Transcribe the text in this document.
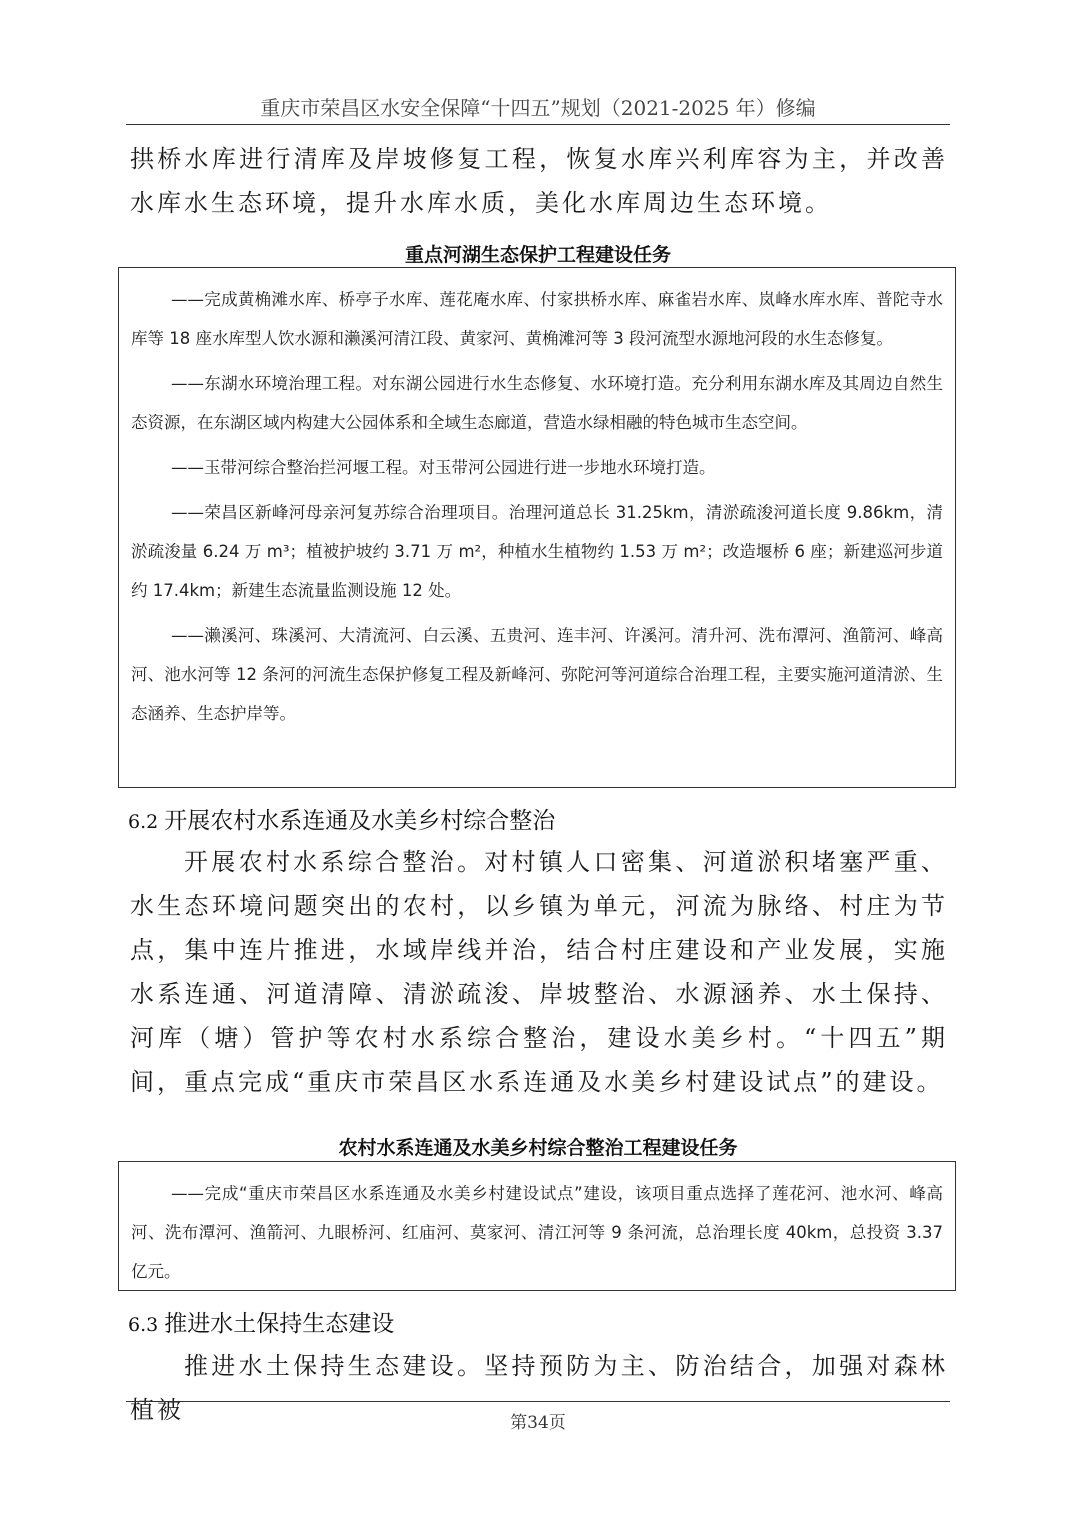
重庆市荣昌区水安全保障“十四五”规划（2021-2025 年）修编

拱桥水库进行清库及岸坡修复工程，恢复水库兴利库容为主，并改善水库水生态环境，提升水库水质，美化水库周边生态环境。

重点河湖生态保护工程建设任务

——完成黄桷滩水库、桥亭子水库、莲花庵水库、付家拱桥水库、麻雀岩水库、岚峰水库水库、普陀寺水库等 18 座水库型人饮水源和濑溪河清江段、黄家河、黄桷滩河等 3 段河流型水源地河段的水生态修复。

——东湖水环境治理工程。对东湖公园进行水生态修复、水环境打造。充分利用东湖水库及其周边自然生态资源，在东湖区域内构建大公园体系和全域生态廊道，营造水绿相融的特色城市生态空间。

——玉带河综合整治拦河堰工程。对玉带河公园进行进一步地水环境打造。

——荣昌区新峰河母亲河复苏综合治理项目。治理河道总长 31.25km，清淤疏浚河道长度 9.86km，清淤疏浚量 6.24 万 m³；植被护坡约 3.71 万 m²，种植水生植物约 1.53 万 m²；改造堰桥 6 座；新建巡河步道约 17.4km；新建生态流量监测设施 12 处。

——濑溪河、珠溪河、大清流河、白云溪、五贵河、连丰河、许溪河。清升河、洗布潭河、渔箭河、峰高河、池水河等 12 条河的河流生态保护修复工程及新峰河、弥陀河等河道综合治理工程，主要实施河道清淤、生态涵养、生态护岸等。

6.2 开展农村水系连通及水美乡村综合整治

开展农村水系综合整治。对村镇人口密集、河道淤积堵塞严重、水生态环境问题突出的农村，以乡镇为单元，河流为脉络、村庄为节点，集中连片推进，水域岸线并治，结合村庄建设和产业发展，实施水系连通、河道清障、清淤疏浚、岸坡整治、水源涵养、水土保持、河库（塘）管护等农村水系综合整治，建设水美乡村。“十四五”期间，重点完成“重庆市荣昌区水系连通及水美乡村建设试点”的建设。

农村水系连通及水美乡村综合整治工程建设任务

——完成“重庆市荣昌区水系连通及水美乡村建设试点”建设，该项目重点选择了莲花河、池水河、峰高河、洗布潭河、渔箭河、九眼桥河、红庙河、莫家河、清江河等 9 条河流，总治理长度 40km，总投资 3.37 亿元。

6.3 推进水土保持生态建设

推进水土保持生态建设。坚持预防为主、防治结合，加强对森林植被	第34页
